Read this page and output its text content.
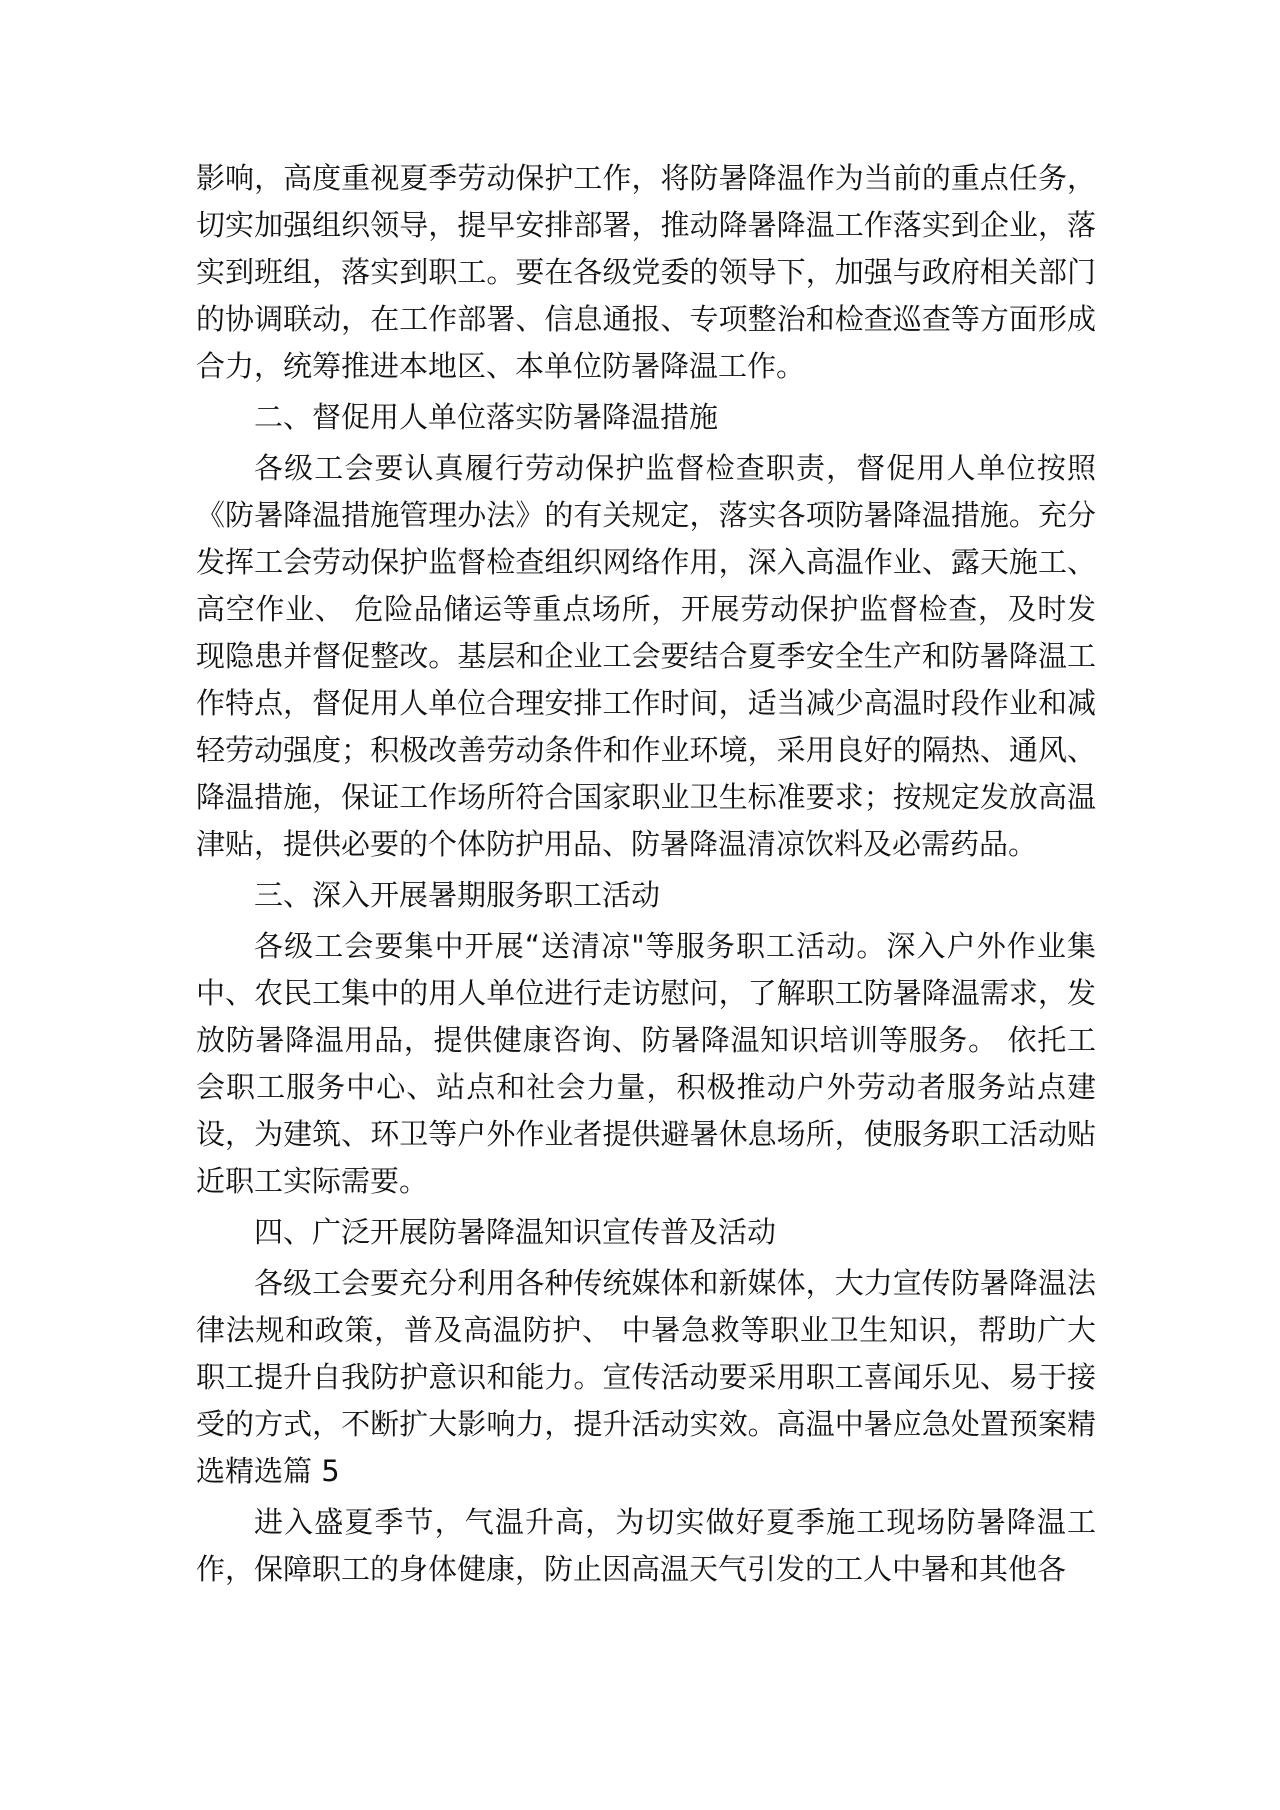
影响，高度重视夏季劳动保护工作，将防暑降温作为当前的重点任务，切实加强组织领导，提早安排部署，推动降暑降温工作落实到企业，落实到班组，落实到职工。要在各级党委的领导下，加强与政府相关部门的协调联动，在工作部署、信息通报、专项整治和检查巡查等方面形成合力，统筹推进本地区、本单位防暑降温工作。

二、督促用人单位落实防暑降温措施

各级工会要认真履行劳动保护监督检查职责，督促用人单位按照《防暑降温措施管理办法》的有关规定，落实各项防暑降温措施。充分发挥工会劳动保护监督检查组织网络作用，深入高温作业、露天施工、高空作业、 危险品储运等重点场所，开展劳动保护监督检查，及时发现隐患并督促整改。基层和企业工会要结合夏季安全生产和防暑降温工作特点，督促用人单位合理安排工作时间，适当减少高温时段作业和减轻劳动强度；积极改善劳动条件和作业环境，采用良好的隔热、通风、降温措施，保证工作场所符合国家职业卫生标准要求；按规定发放高温津贴，提供必要的个体防护用品、防暑降温清凉饮料及必需药品。

三、深入开展暑期服务职工活动

各级工会要集中开展“送清凉"等服务职工活动。深入户外作业集中、农民工集中的用人单位进行走访慰问，了解职工防暑降温需求，发放防暑降温用品，提供健康咨询、防暑降温知识培训等服务。 依托工会职工服务中心、站点和社会力量，积极推动户外劳动者服务站点建设，为建筑、环卫等户外作业者提供避暑休息场所，使服务职工活动贴近职工实际需要。

四、广泛开展防暑降温知识宣传普及活动

各级工会要充分利用各种传统媒体和新媒体，大力宣传防暑降温法律法规和政策，普及高温防护、 中暑急救等职业卫生知识，帮助广大职工提升自我防护意识和能力。宣传活动要采用职工喜闻乐见、易于接受的方式，不断扩大影响力，提升活动实效。高温中暑应急处置预案精选精选篇 5

进入盛夏季节，气温升高，为切实做好夏季施工现场防暑降温工作，保障职工的身体健康，防止因高温天气引发的工人中暑和其他各
